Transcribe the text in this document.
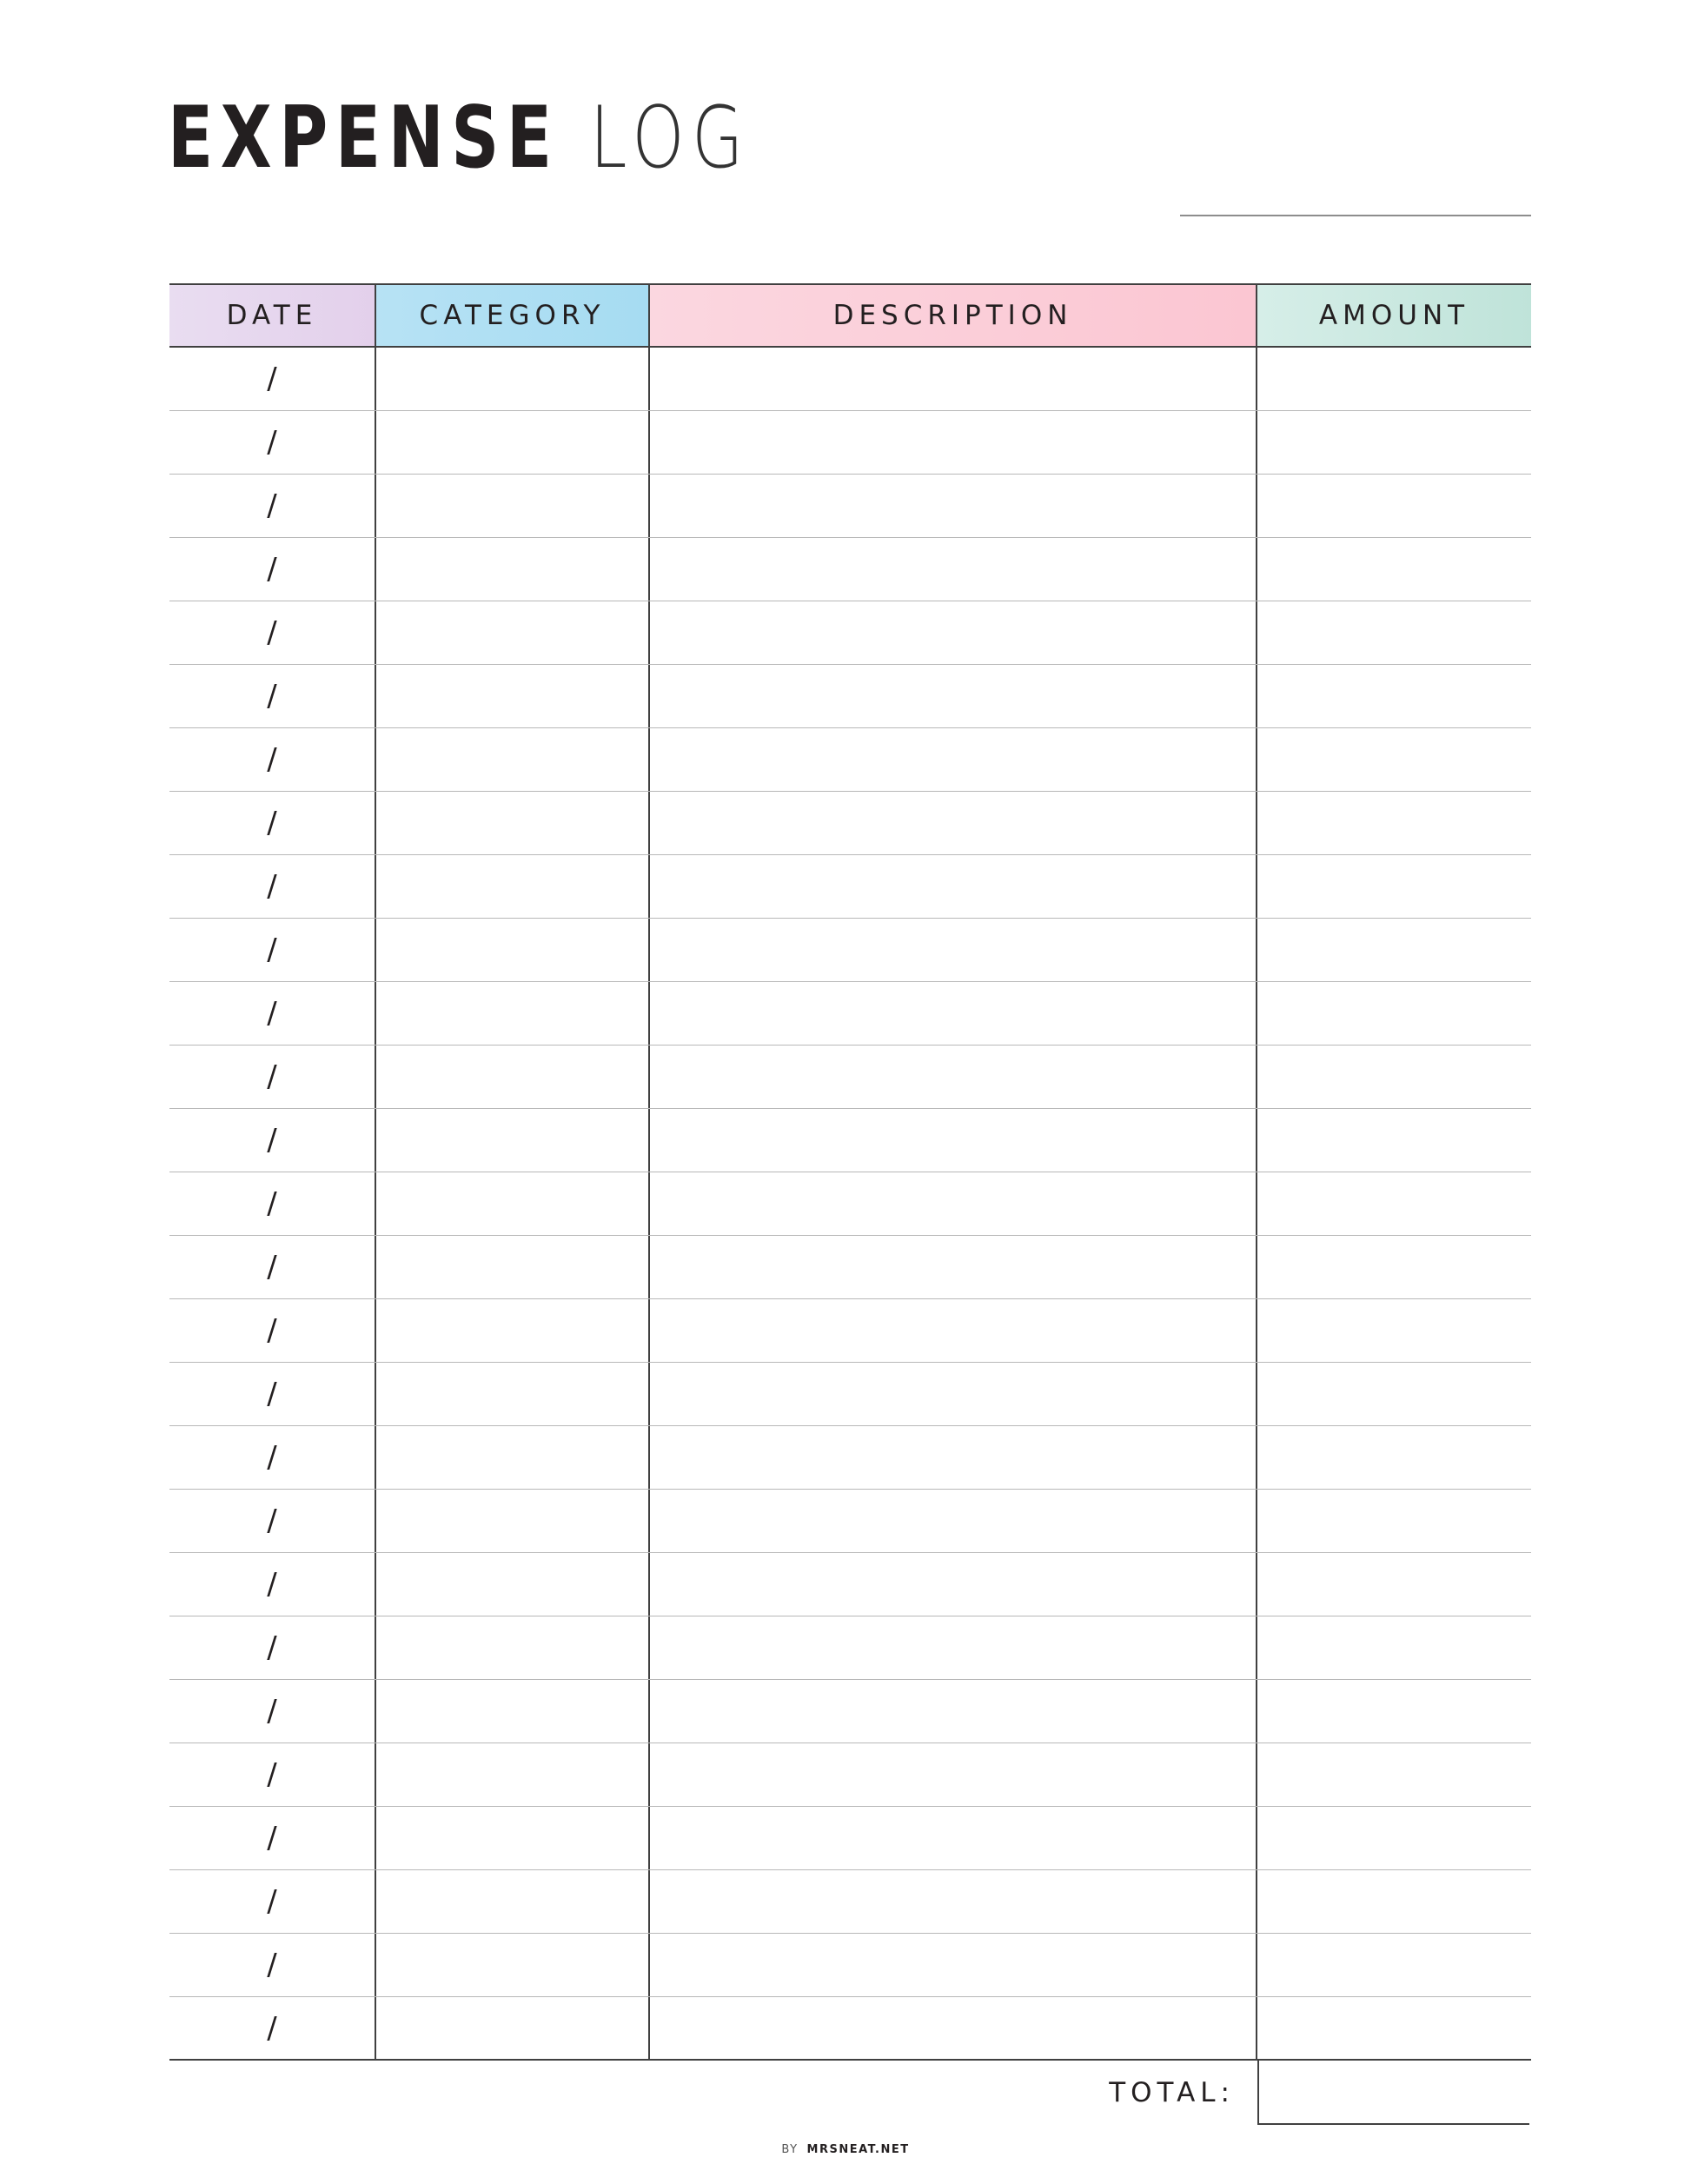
EXPENSE LOG
DATE	CATEGORY	DESCRIPTION	AMOUNT
/
/
/
/
/
/
/
/
/
/
/
/
/
/
/
/
/
/
/
/
/
/
/
/
/
/
/
TOTAL:
BY MRSNEAT.NET
